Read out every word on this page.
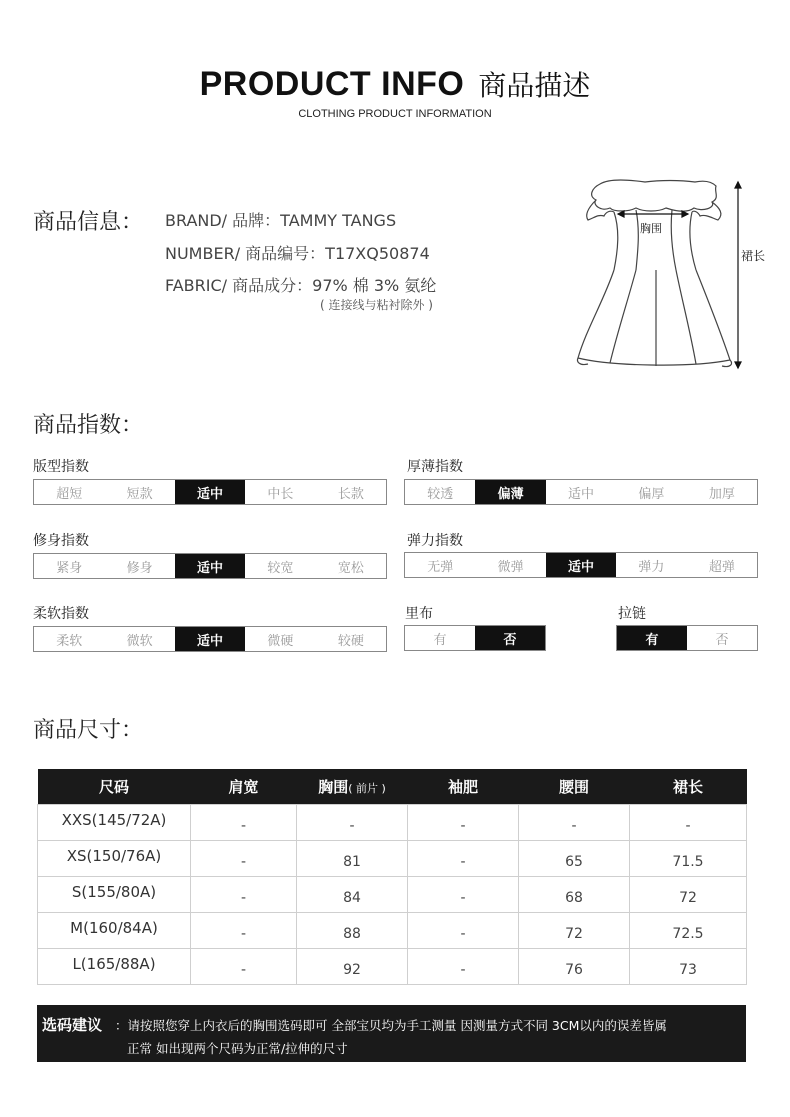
PRODUCT INFO 商品描述
CLOTHING PRODUCT INFORMATION
商品信息： BRAND/ 品牌：TAMMY TANGS
NUMBER/ 商品编号：T17XQ50874
FABRIC/ 商品成分：97% 棉 3% 氨纶
( 连接线与粘衬除外 )
胸围
裙长
商品指数：
版型指数
超短	短款	适中	中长	长款
厚薄指数
较透	偏薄	适中	偏厚	加厚
修身指数
紧身	修身	适中	较宽	宽松
弹力指数
无弹	微弹	适中	弹力	超弹
柔软指数
柔软	微软	适中	微硬	较硬
里布
有	否
拉链
有	否
商品尺寸：
尺码	肩宽	胸围( 前片 )	袖肥	腰围	裙长
XXS(145/72A)	-	-	-	-	-
XS(150/76A)	-	81	-	65	71.5
S(155/80A)	-	84	-	68	72
M(160/84A)	-	88	-	72	72.5
L(165/88A)	-	92	-	76	73
选码建议 ：请按照您穿上内衣后的胸围选码即可 全部宝贝均为手工测量 因测量方式不同 3CM以内的误差皆属
正常 如出现两个尺码为正常/拉伸的尺寸
